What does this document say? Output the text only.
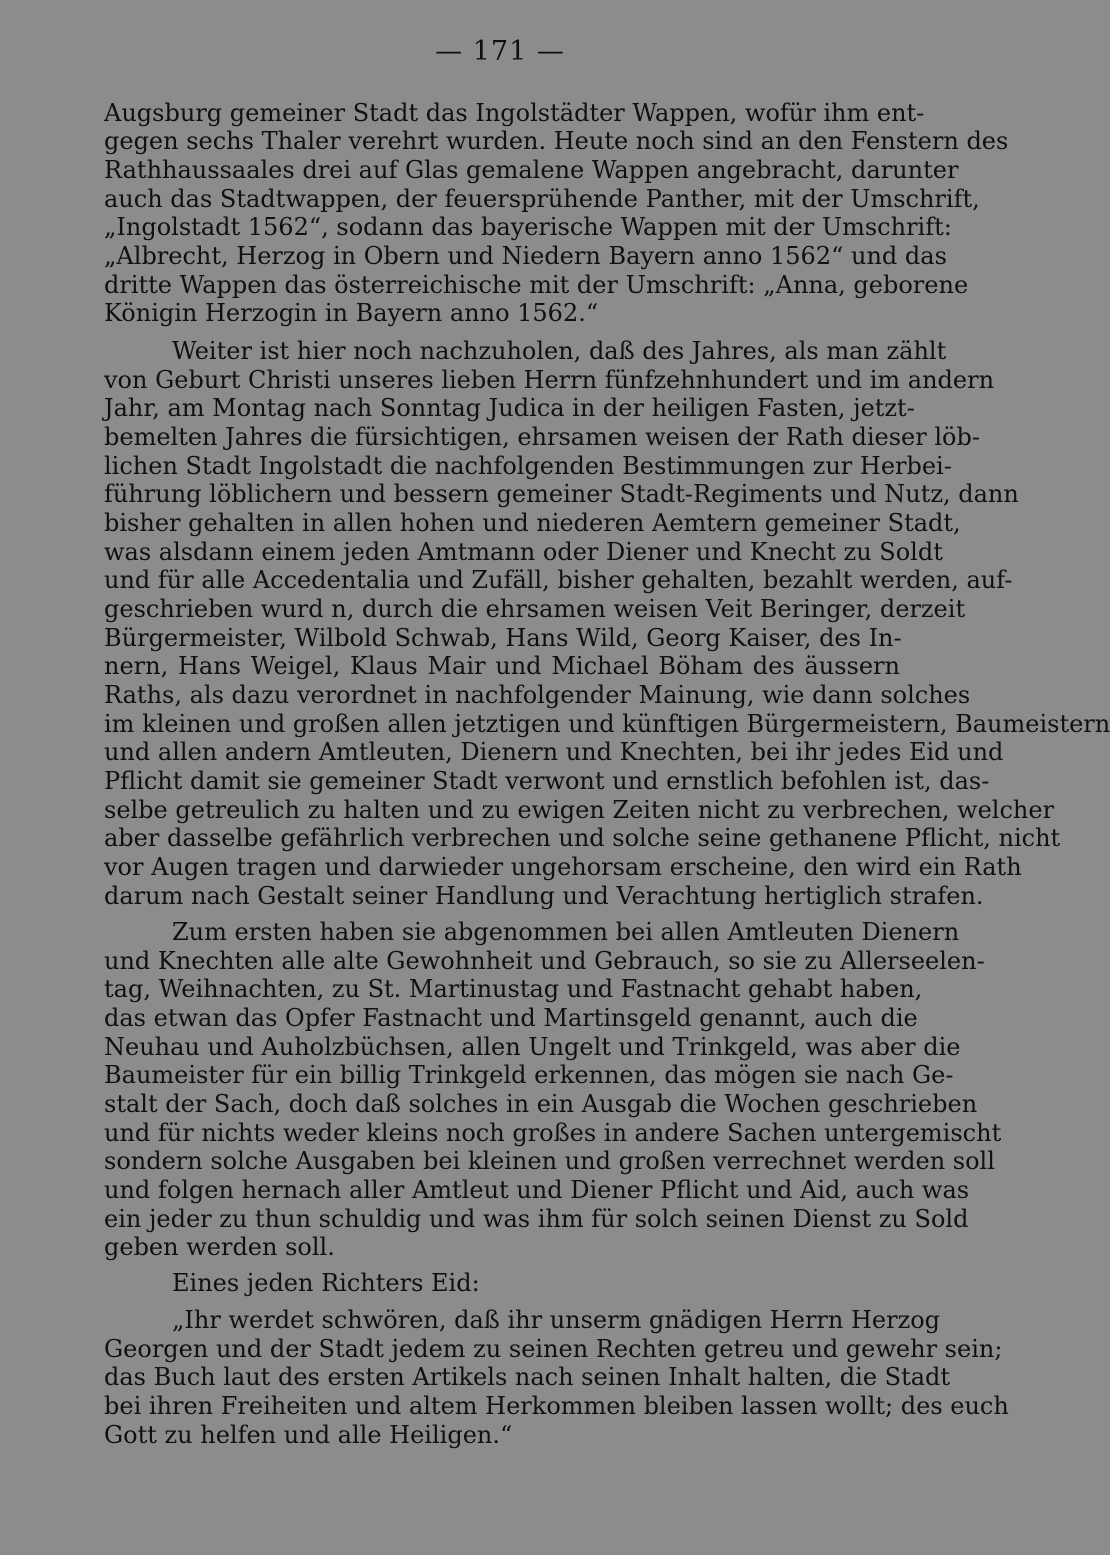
— 171 —
Augsburg gemeiner Stadt das Ingolstädter Wappen, wofür ihm ent-
gegen sechs Thaler verehrt wurden. Heute noch sind an den Fenstern des
Rathhaussaales drei auf Glas gemalene Wappen angebracht, darunter
auch das Stadtwappen, der feuersprühende Panther, mit der Umschrift,
„Ingolstadt 1562“, sodann das bayerische Wappen mit der Umschrift:
„Albrecht, Herzog in Obern und Niedern Bayern anno 1562“ und das
dritte Wappen das österreichische mit der Umschrift: „Anna, geborene
Königin Herzogin in Bayern anno 1562.“
Weiter ist hier noch nachzuholen, daß des Jahres, als man zählt
von Geburt Christi unseres lieben Herrn fünfzehnhundert und im andern
Jahr, am Montag nach Sonntag Judica in der heiligen Fasten, jetzt-
bemelten Jahres die fürsichtigen, ehrsamen weisen der Rath dieser löb-
lichen Stadt Ingolstadt die nachfolgenden Bestimmungen zur Herbei-
führung löblichern und bessern gemeiner Stadt-Regiments und Nutz, dann
bisher gehalten in allen hohen und niederen Aemtern gemeiner Stadt,
was alsdann einem jeden Amtmann oder Diener und Knecht zu Soldt
und für alle Accedentalia und Zufäll, bisher gehalten, bezahlt werden, auf-
geschrieben wurd n, durch die ehrsamen weisen Veit Beringer, derzeit
Bürgermeister, Wilbold Schwab, Hans Wild, Georg Kaiser, des In-
nern, Hans Weigel, Klaus Mair und Michael Böham des äussern
Raths, als dazu verordnet in nachfolgender Mainung, wie dann solches
im kleinen und großen allen jetztigen und künftigen Bürgermeistern, Baumeistern
und allen andern Amtleuten, Dienern und Knechten, bei ihr jedes Eid und
Pflicht damit sie gemeiner Stadt verwont und ernstlich befohlen ist, das-
selbe getreulich zu halten und zu ewigen Zeiten nicht zu verbrechen, welcher
aber dasselbe gefährlich verbrechen und solche seine gethanene Pflicht, nicht
vor Augen tragen und darwieder ungehorsam erscheine, den wird ein Rath
darum nach Gestalt seiner Handlung und Verachtung hertiglich strafen.
Zum ersten haben sie abgenommen bei allen Amtleuten Dienern
und Knechten alle alte Gewohnheit und Gebrauch, so sie zu Allerseelen-
tag, Weihnachten, zu St. Martinustag und Fastnacht gehabt haben,
das etwan das Opfer Fastnacht und Martinsgeld genannt, auch die
Neuhau und Auholzbüchsen, allen Ungelt und Trinkgeld, was aber die
Baumeister für ein billig Trinkgeld erkennen, das mögen sie nach Ge-
stalt der Sach, doch daß solches in ein Ausgab die Wochen geschrieben
und für nichts weder kleins noch großes in andere Sachen untergemischt
sondern solche Ausgaben bei kleinen und großen verrechnet werden soll
und folgen hernach aller Amtleut und Diener Pflicht und Aid, auch was
ein jeder zu thun schuldig und was ihm für solch seinen Dienst zu Sold
geben werden soll.
Eines jeden Richters Eid:
„Ihr werdet schwören, daß ihr unserm gnädigen Herrn Herzog
Georgen und der Stadt jedem zu seinen Rechten getreu und gewehr sein;
das Buch laut des ersten Artikels nach seinen Inhalt halten, die Stadt
bei ihren Freiheiten und altem Herkommen bleiben lassen wollt; des euch
Gott zu helfen und alle Heiligen.“
